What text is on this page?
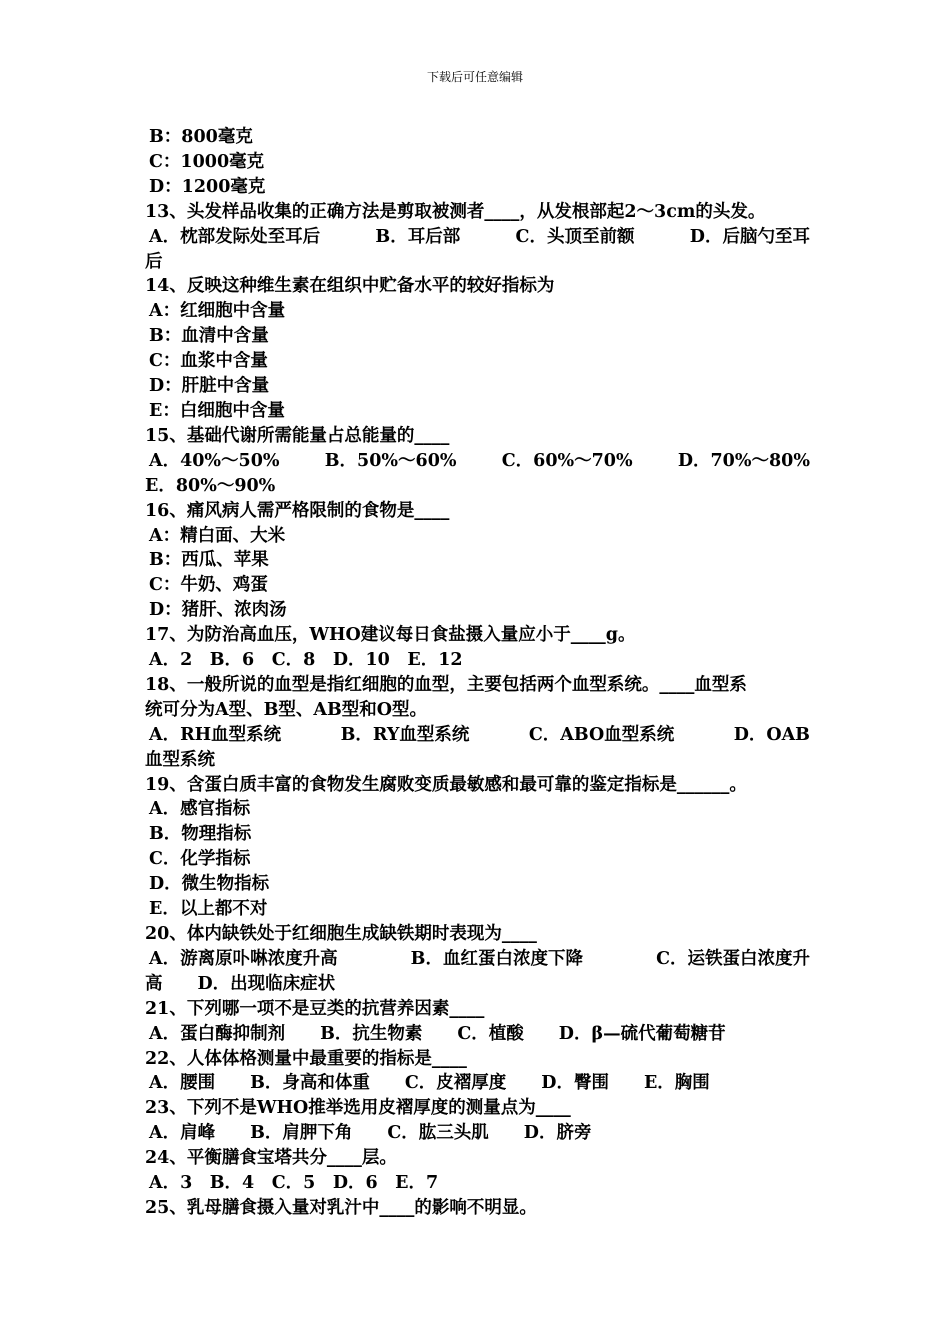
下载后可任意编辑
B：800毫克
C：1000毫克
D：1200毫克
13、头发样品收集的正确方法是剪取被测者____，从发根部起2～3cm的头发。
A．枕部发际处至耳后	B．耳后部	C．头顶至前额	D．后脑勺至耳
后
14、反映这种维生素在组织中贮备水平的较好指标为
A：红细胞中含量
B：血清中含量
C：血浆中含量
D：肝脏中含量
E：白细胞中含量
15、基础代谢所需能量占总能量的____
A．40%～50%	B．50%～60%	C．60%～70%	D．70%～80%
E．80%～90%
16、痛风病人需严格限制的食物是____
A：精白面、大米
B：西瓜、苹果
C：牛奶、鸡蛋
D：猪肝、浓肉汤
17、为防治高血压，WHO建议每日食盐摄入量应小于____g。
A．2　B．6　C．8　D．10　E．12
18、一般所说的血型是指红细胞的血型，主要包括两个血型系统。____血型系
统可分为A型、B型、AB型和O型。
A．RH血型系统	B．RY血型系统	C．ABO血型系统	D．OAB
血型系统
19、含蛋白质丰富的食物发生腐败变质最敏感和最可靠的鉴定指标是______。
A．感官指标
B．物理指标
C．化学指标
D．微生物指标
E．以上都不对
20、体内缺铁处于红细胞生成缺铁期时表现为____
A．游离原卟啉浓度升高	B．血红蛋白浓度下降	C．运铁蛋白浓度升
高　　D．出现临床症状
21、下列哪一项不是豆类的抗营养因素____
A．蛋白酶抑制剂　　B．抗生物素　　C．植酸　　D．β—硫代葡萄糖苷
22、人体体格测量中最重要的指标是____
A．腰围　　B．身高和体重　　C．皮褶厚度　　D．臀围　　E．胸围
23、下列不是WHO推举选用皮褶厚度的测量点为____
A．肩峰　　B．肩胛下角　　C．肱三头肌　　D．脐旁
24、平衡膳食宝塔共分____层。
A．3　B．4　C．5　D．6　E．7
25、乳母膳食摄入量对乳汁中____的影响不明显。
